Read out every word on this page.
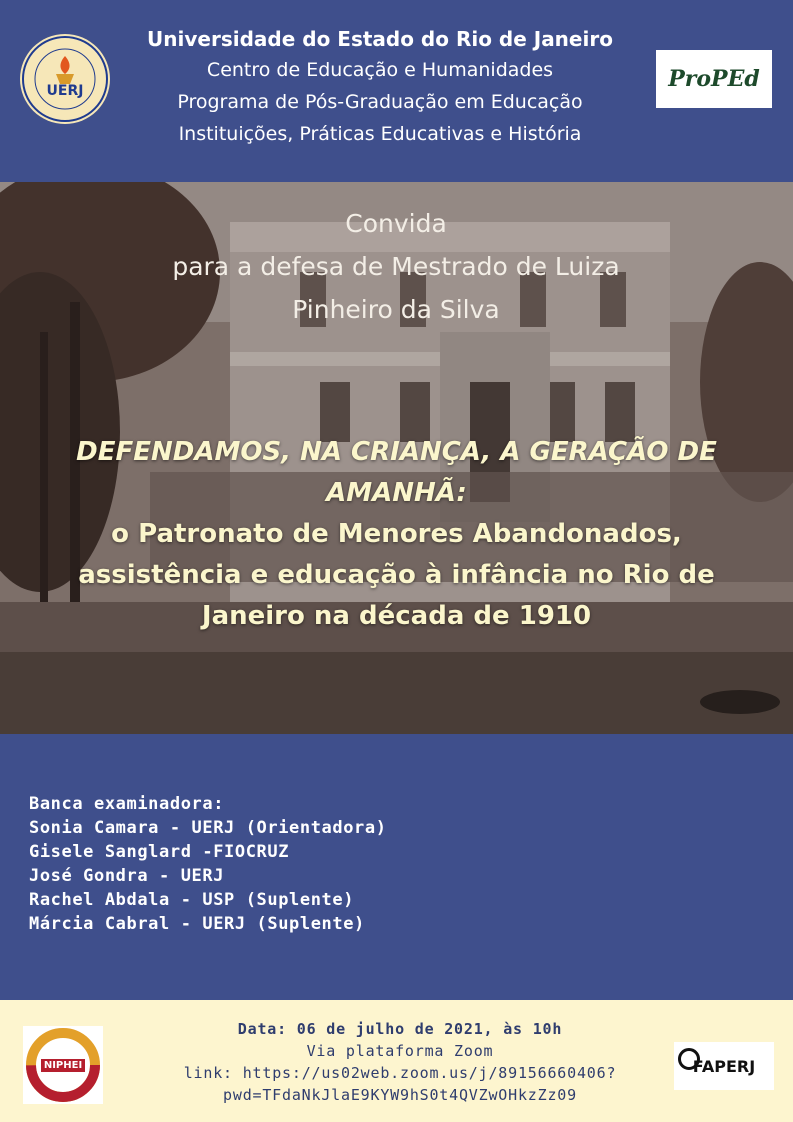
UERJ
Universidade do Estado do Rio de Janeiro
Centro de Educação e Humanidades
Programa de Pós-Graduação em Educação
Instituições, Práticas Educativas e História
ProPEd
Convida
para a defesa de Mestrado de Luiza
Pinheiro da Silva
DEFENDAMOS, NA CRIANÇA, A GERAÇÃO DE
AMANHÃ:
o Patronato de Menores Abandonados,
assistência e educação à infância no Rio de
Janeiro na década de 1910
Banca examinadora:
Sonia Camara - UERJ (Orientadora)
Gisele Sanglard -FIOCRUZ
José Gondra - UERJ
Rachel Abdala - USP (Suplente)
Márcia Cabral - UERJ (Suplente)
NIPHEI
Data: 06 de julho de 2021, às 10h
Via plataforma Zoom
link: https://us02web.zoom.us/j/89156660406?
pwd=TFdaNkJlaE9KYW9hS0t4QVZwOHkzZz09
FAPERJ
